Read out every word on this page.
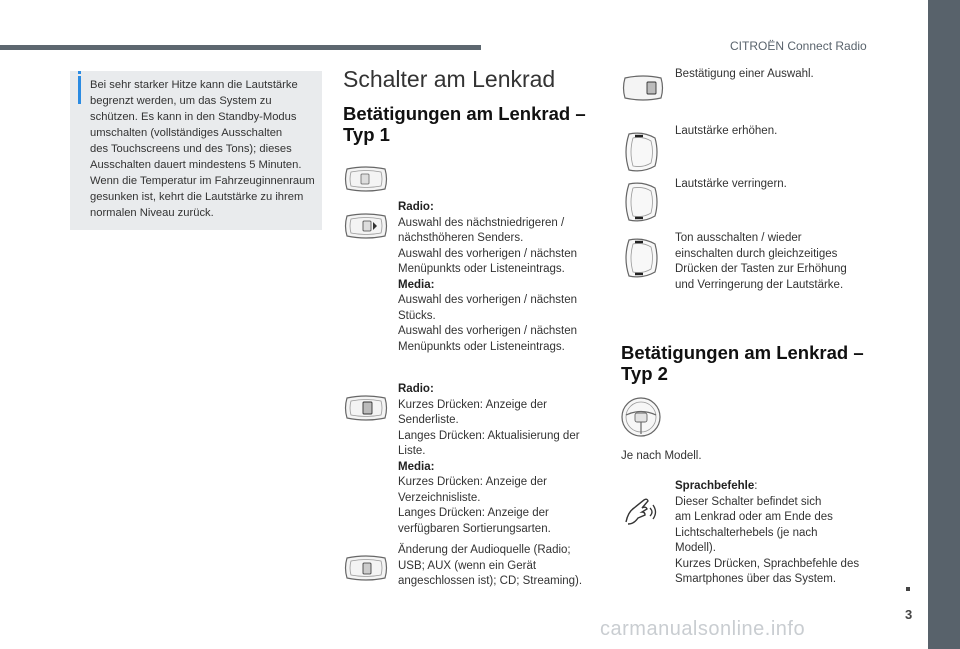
CITROËN Connect Radio
Bei sehr starker Hitze kann die Lautstärke
begrenzt werden, um das System zu
schützen. Es kann in den Standby-Modus
umschalten (vollständiges Ausschalten
des Touchscreens und des Tons); dieses
Ausschalten dauert mindestens 5 Minuten.
Wenn die Temperatur im Fahrzeuginnenraum
gesunken ist, kehrt die Lautstärke zu ihrem
normalen Niveau zurück.
Schalter am Lenkrad
Betätigungen am Lenkrad –
Typ 1
Radio:
Auswahl des nächstniedrigeren /
nächsthöheren Senders.
Auswahl des vorherigen / nächsten
Menüpunkts oder Listeneintrags.
Media:
Auswahl des vorherigen / nächsten
Stücks.
Auswahl des vorherigen / nächsten
Menüpunkts oder Listeneintrags.
Radio:
Kurzes Drücken: Anzeige der
Senderliste.
Langes Drücken: Aktualisierung der
Liste.
Media:
Kurzes Drücken: Anzeige der
Verzeichnisliste.
Langes Drücken: Anzeige der
verfügbaren Sortierungsarten.
Änderung der Audioquelle (Radio;
USB; AUX (wenn ein Gerät
angeschlossen ist); CD; Streaming).
Bestätigung einer Auswahl.
Lautstärke erhöhen.
Lautstärke verringern.
Ton ausschalten / wieder
einschalten durch gleichzeitiges
Drücken der Tasten zur Erhöhung
und Verringerung der Lautstärke.
Betätigungen am Lenkrad –
Typ 2
Je nach Modell.
Sprachbefehle:
Dieser Schalter befindet sich
am Lenkrad oder am Ende des
Lichtschalterhebels (je nach
Modell).
Kurzes Drücken, Sprachbefehle des
Smartphones über das System.
3
carmanualsonline.info
